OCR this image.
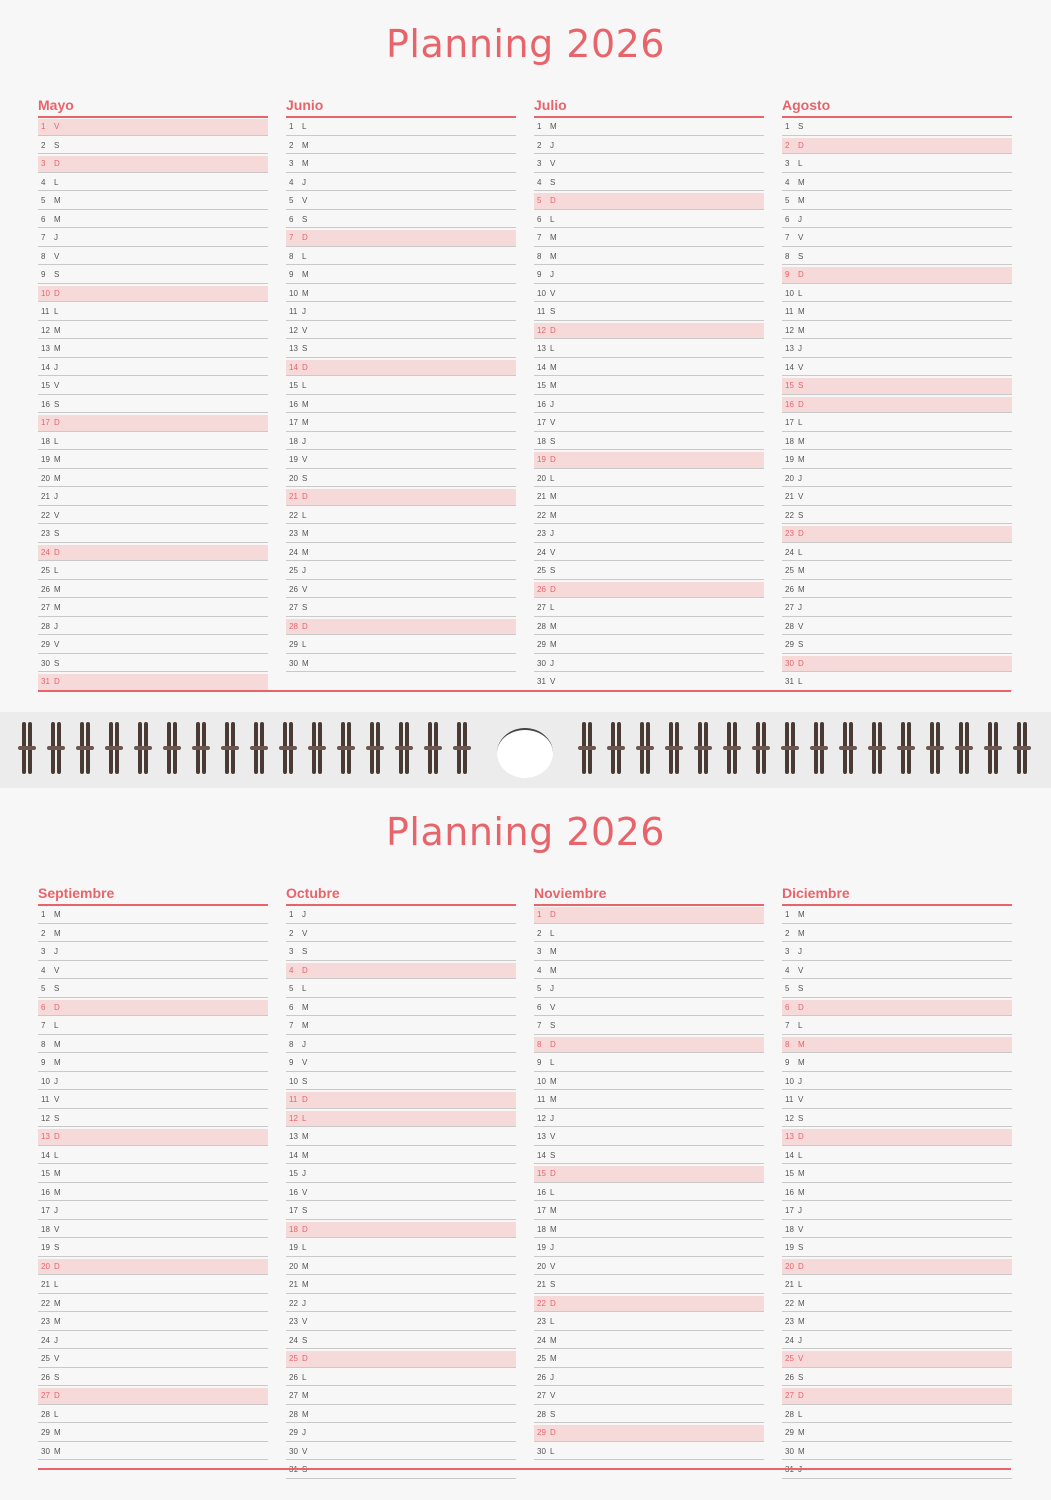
Planning 2026
Mayo
1 V
2 S
3 D
4 L
5 M
6 M
7 J
8 V
9 S
10 D
11 L
12 M
13 M
14 J
15 V
16 S
17 D
18 L
19 M
20 M
21 J
22 V
23 S
24 D
25 L
26 M
27 M
28 J
29 V
30 S
31 D
Junio
1 L
2 M
3 M
4 J
5 V
6 S
7 D
8 L
9 M
10 M
11 J
12 V
13 S
14 D
15 L
16 M
17 M
18 J
19 V
20 S
21 D
22 L
23 M
24 M
25 J
26 V
27 S
28 D
29 L
30 M
Julio
1 M
2 J
3 V
4 S
5 D
6 L
7 M
8 M
9 J
10 V
11 S
12 D
13 L
14 M
15 M
16 J
17 V
18 S
19 D
20 L
21 M
22 M
23 J
24 V
25 S
26 D
27 L
28 M
29 M
30 J
31 V
Agosto
1 S
2 D
3 L
4 M
5 M
6 J
7 V
8 S
9 D
10 L
11 M
12 M
13 J
14 V
15 S
16 D
17 L
18 M
19 M
20 J
21 V
22 S
23 D
24 L
25 M
26 M
27 J
28 V
29 S
30 D
31 L
Planning 2026
Septiembre
1 M
2 M
3 J
4 V
5 S
6 D
7 L
8 M
9 M
10 J
11 V
12 S
13 D
14 L
15 M
16 M
17 J
18 V
19 S
20 D
21 L
22 M
23 M
24 J
25 V
26 S
27 D
28 L
29 M
30 M
Octubre
1 J
2 V
3 S
4 D
5 L
6 M
7 M
8 J
9 V
10 S
11 D
12 L
13 M
14 M
15 J
16 V
17 S
18 D
19 L
20 M
21 M
22 J
23 V
24 S
25 D
26 L
27 M
28 M
29 J
30 V
Noviembre
1 D
2 L
3 M
4 M
5 J
6 V
7 S
8 D
9 L
10 M
11 M
12 J
13 V
14 S
15 D
16 L
17 M
18 M
19 J
20 V
21 S
22 D
23 L
24 M
25 M
26 J
27 V
28 S
29 D
30 L
Diciembre
1 M
2 M
3 J
4 V
5 S
6 D
7 L
8 M
9 M
10 J
11 V
12 S
13 D
14 L
15 M
16 M
17 J
18 V
19 S
20 D
21 L
22 M
23 M
24 J
25 V
26 S
27 D
28 L
29 M
30 M
